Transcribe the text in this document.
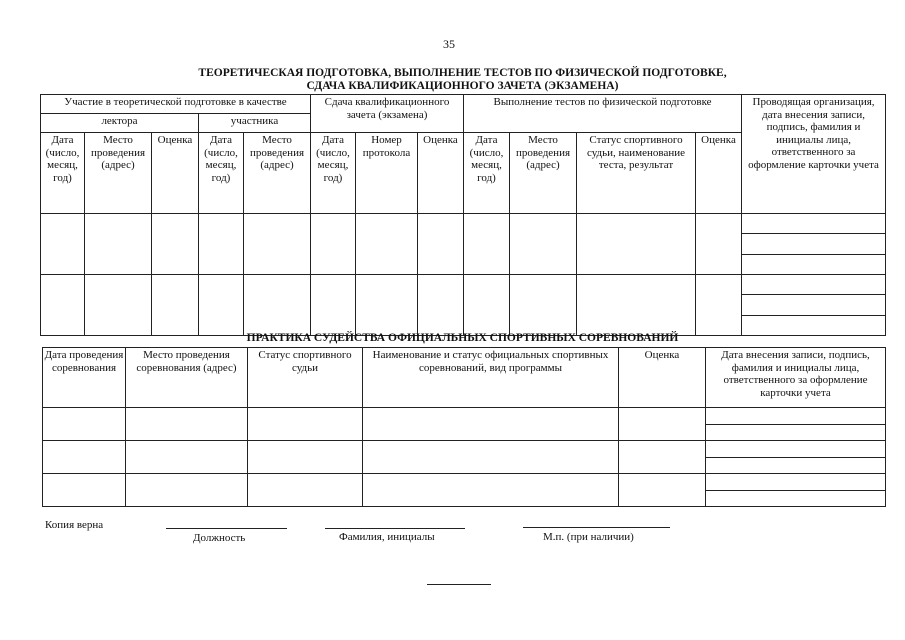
35
ТЕОРЕТИЧЕСКАЯ ПОДГОТОВКА, ВЫПОЛНЕНИЕ ТЕСТОВ ПО ФИЗИЧЕСКОЙ ПОДГОТОВКЕ,
СДАЧА КВАЛИФИКАЦИОННОГО ЗАЧЕТА (ЭКЗАМЕНА)
Участие в теоретической подготовке в качестве					Сдача квалификационного зачета (экзамена)			Выполнение тестов по физической подготовке				Проводящая организация, дата внесения записи, подпись, фамилия и инициалы лица, ответственного за оформление карточки учета
лектора			участника									
Дата (число, месяц, год)	Место проведения (адрес)	Оценка	Дата (число, месяц, год)	Место проведения (адрес)	Дата (число, месяц, год)	Номер протокола	Оценка	Дата (число, месяц, год)	Место проведения (адрес)	Статус спортивного судьи, наименование теста, результат	Оценка	

ПРАКТИКА СУДЕЙСТВА ОФИЦИАЛЬНЫХ СПОРТИВНЫХ СОРЕВНОВАНИЙ
Дата проведения соревнования	Место проведения соревнования (адрес)	Статус спортивного судьи	Наименование и статус официальных спортивных соревнований, вид программы	Оценка	Дата внесения записи, подпись, фамилия и инициалы лица, ответственного за оформление карточки учета

Копия верна
Должность	Фамилия, инициалы	М.п. (при наличии)
